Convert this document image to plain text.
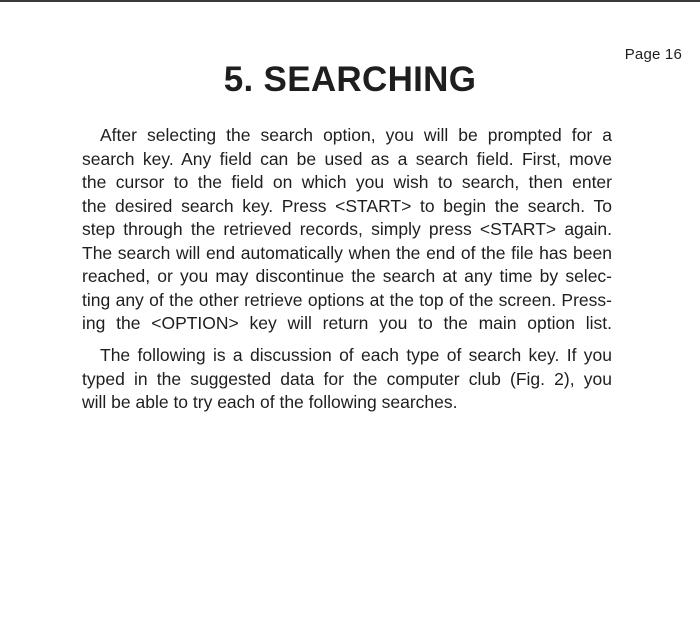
Page 16
5. SEARCHING
After selecting the search option, you will be prompted for a
search key. Any field can be used as a search field. First, move
the cursor to the field on which you wish to search, then enter
the desired search key. Press <START> to begin the search. To
step through the retrieved records, simply press <START> again.
The search will end automatically when the end of the file has been
reached, or you may discontinue the search at any time by selec-
ting any of the other retrieve options at the top of the screen. Press-
ing the <OPTION> key will return you to the main option list.
The following is a discussion of each type of search key. If you
typed in the suggested data for the computer club (Fig. 2), you
will be able to try each of the following searches.
